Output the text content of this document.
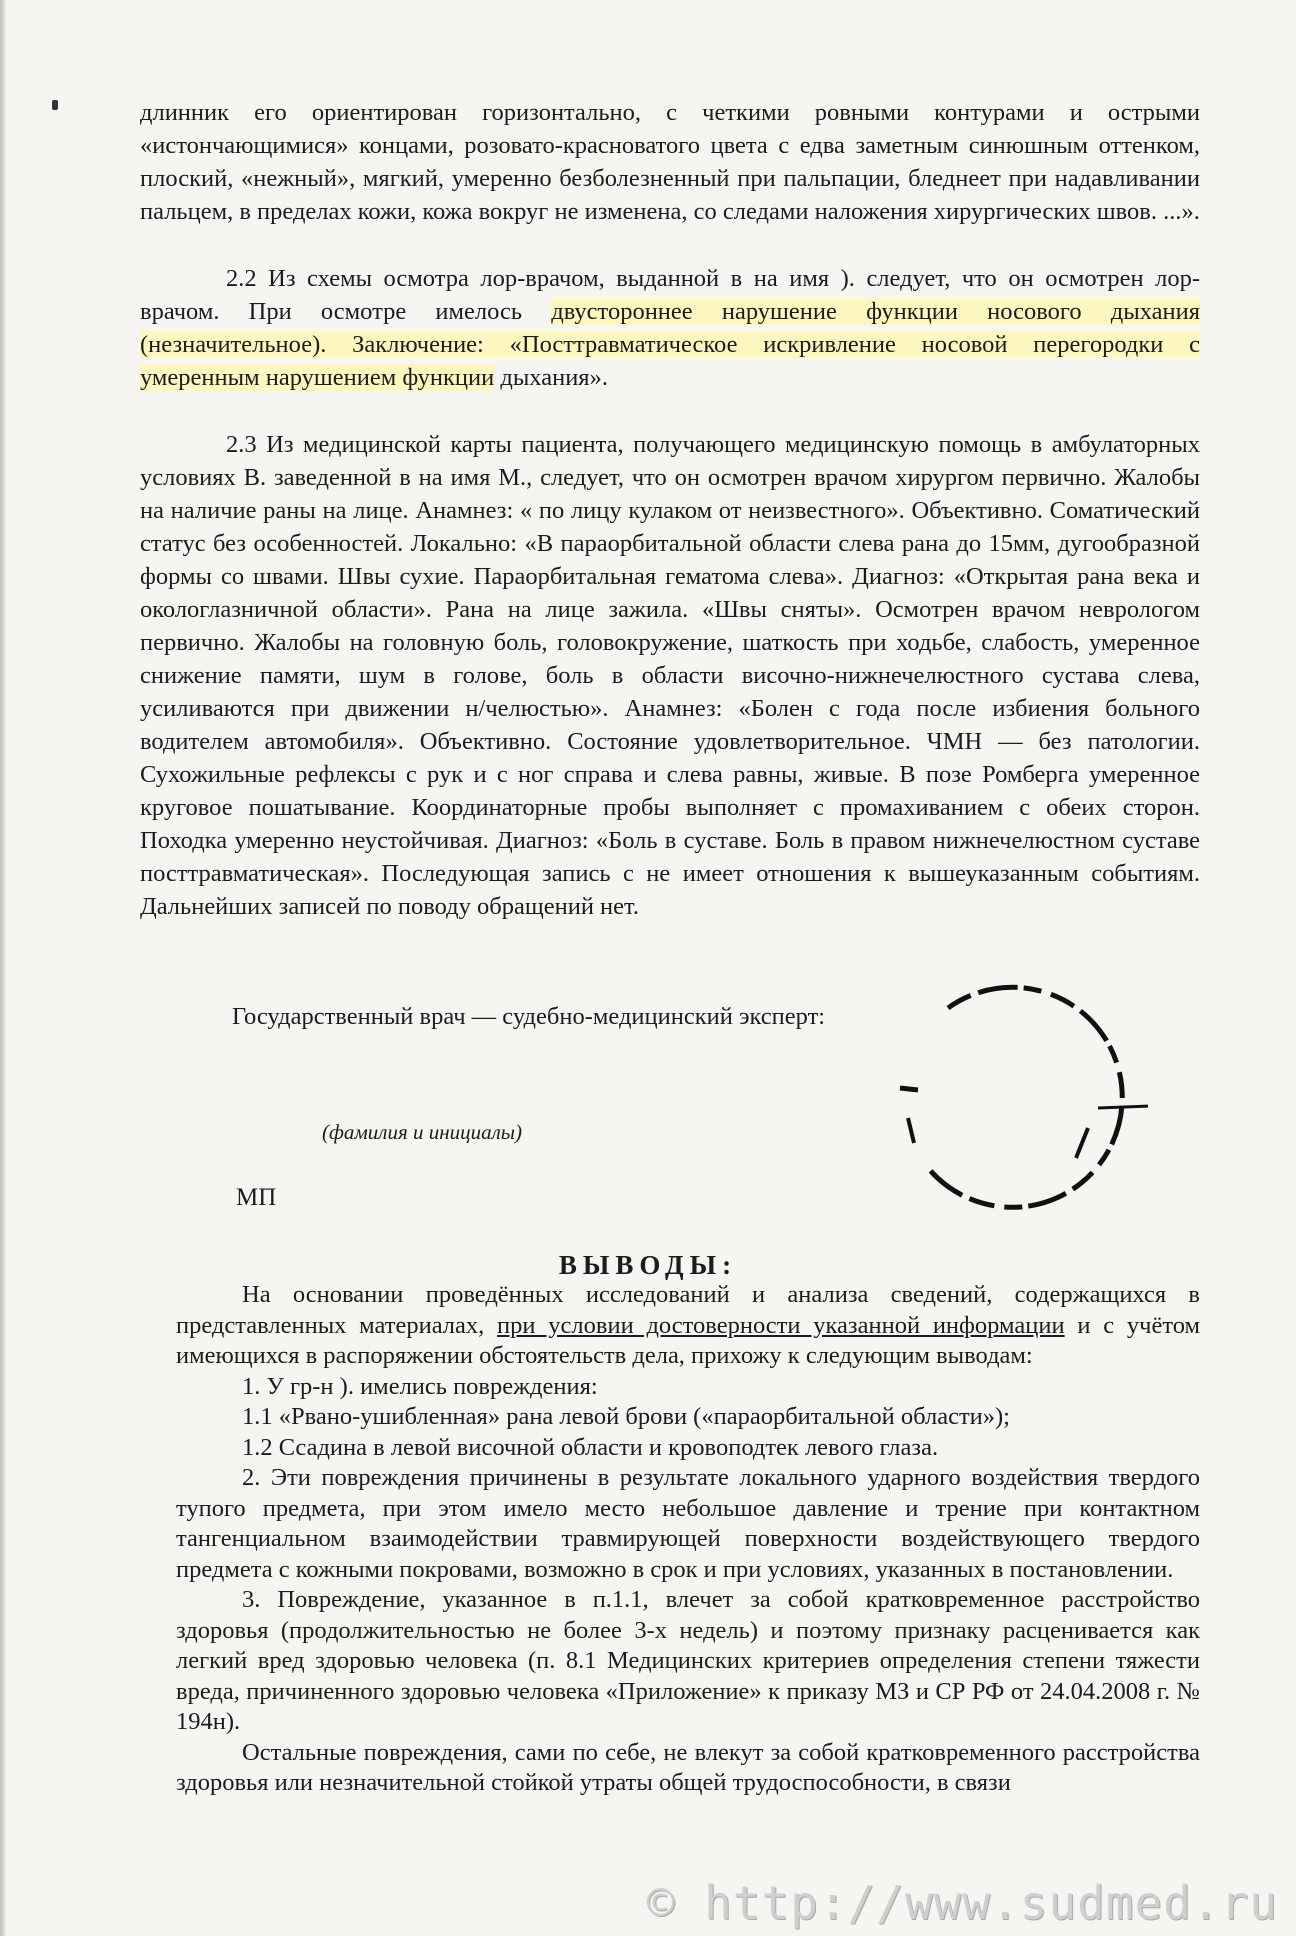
длинник его ориентирован горизонтально, с четкими ровными контурами и острыми «истончающимися» концами, розовато-красноватого цвета с едва заметным синюшным оттенком, плоский, «нежный», мягкий, умеренно безболезненный при пальпации, бледнеет при надавливании пальцем, в пределах кожи, кожа вокруг не изменена, со следами наложения хирургических швов. ...».

2.2 Из схемы осмотра лор-врачом, выданной в на имя ). следует, что он осмотрен лор-врачом. При осмотре имелось двустороннее нарушение функции носового дыхания (незначительное). Заключение: «Посттравматическое искривление носовой перегородки с умеренным нарушением функции дыхания».

2.3 Из медицинской карты пациента, получающего медицинскую помощь в амбулаторных условиях В. заведенной в на имя М., следует, что он осмотрен врачом хирургом первично. Жалобы на наличие раны на лице. Анамнез: « по лицу кулаком от неизвестного». Объективно. Соматический статус без особенностей. Локально: «В параорбитальной области слева рана до 15мм, дугообразной формы со швами. Швы сухие. Параорбитальная гематома слева». Диагноз: «Открытая рана века и окологлазничной области». Рана на лице зажила. «Швы сняты». Осмотрен врачом неврологом первично. Жалобы на головную боль, головокружение, шаткость при ходьбе, слабость, умеренное снижение памяти, шум в голове, боль в области височно-нижнечелюстного сустава слева, усиливаются при движении н/челюстью». Анамнез: «Болен с года после избиения больного водителем автомобиля». Объективно. Состояние удовлетворительное. ЧМН — без патологии. Сухожильные рефлексы с рук и с ног справа и слева равны, живые. В позе Ромберга умеренное круговое пошатывание. Координаторные пробы выполняет с промахиванием с обеих сторон. Походка умеренно неустойчивая. Диагноз: «Боль в суставе. Боль в правом нижнечелюстном суставе посттравматическая». Последующая запись с не имеет отношения к вышеуказанным событиям. Дальнейших записей по поводу обращений нет.

Государственный врач — судебно-медицинский эксперт:
(фамилия и инициалы)
МП
ВЫВОДЫ:

На основании проведённых исследований и анализа сведений, содержащихся в представленных материалах, при условии достоверности указанной информации и с учётом имеющихся в распоряжении обстоятельств дела, прихожу к следующим выводам:

1. У гр-н ). имелись повреждения:

1.1 «Рвано-ушибленная» рана левой брови («параорбитальной области»);

1.2 Ссадина в левой височной области и кровоподтек левого глаза.

2. Эти повреждения причинены в результате локального ударного воздействия твердого тупого предмета, при этом имело место небольшое давление и трение при контактном тангенциальном взаимодействии травмирующей поверхности воздействующего твердого предмета с кожными покровами, возможно в срок и при условиях, указанных в постановлении.

3. Повреждение, указанное в п.1.1, влечет за собой кратковременное расстройство здоровья (продолжительностью не более 3-х недель) и поэтому признаку расценивается как легкий вред здоровью человека (п. 8.1 Медицинских критериев определения степени тяжести вреда, причиненного здоровью человека «Приложение» к приказу МЗ и СР РФ от 24.04.2008 г. № 194н).

Остальные повреждения, сами по себе, не влекут за собой кратковременного расстройства здоровья или незначительной стойкой утраты общей трудоспособности, в связи

© http://www.sudmed.ru
